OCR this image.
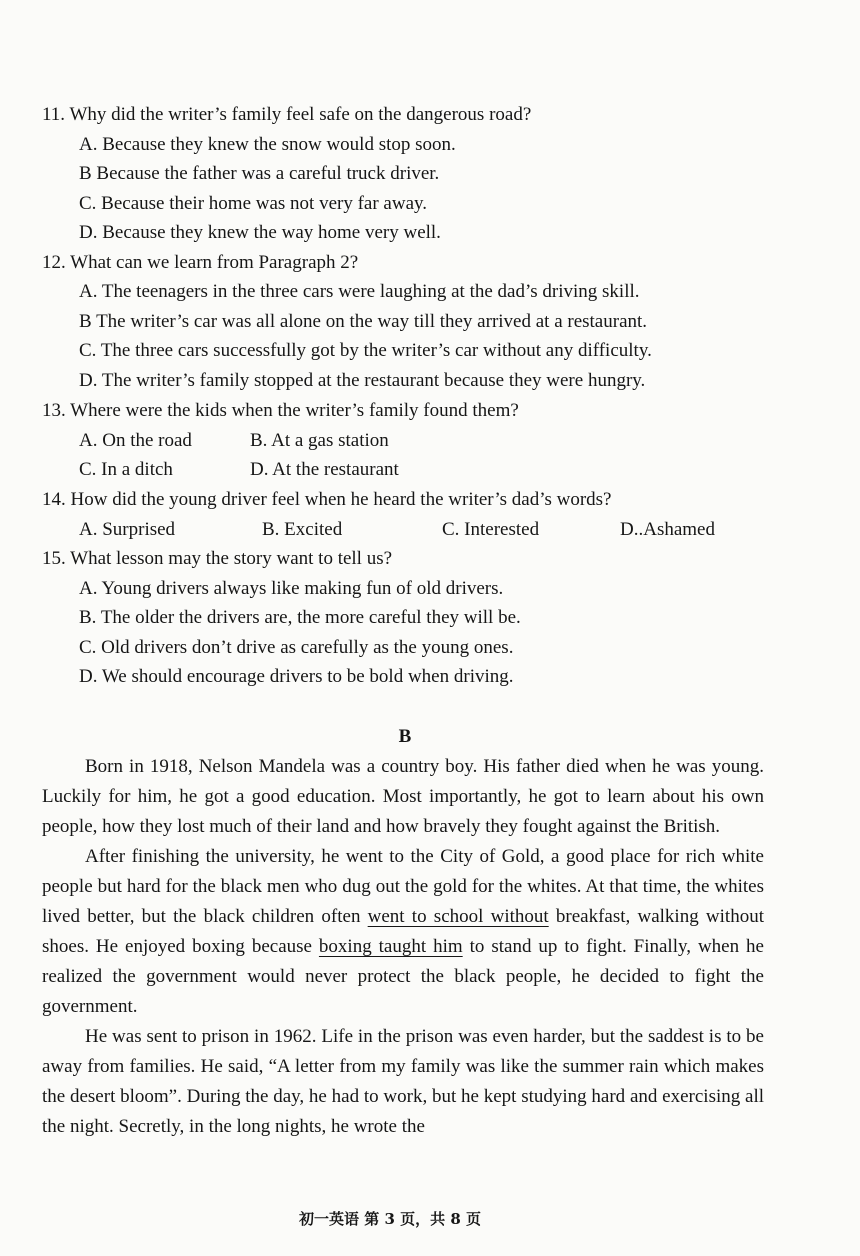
11. Why did the writer’s family feel safe on the dangerous road?
A. Because they knew the snow would stop soon.
B Because the father was a careful truck driver.
C. Because their home was not very far away.
D. Because they knew the way home very well.
12. What can we learn from Paragraph 2?
A. The teenagers in the three cars were laughing at the dad’s driving skill.
B The writer’s car was all alone on the way till they arrived at a restaurant.
C. The three cars successfully got by the writer’s car without any difficulty.
D. The writer’s family stopped at the restaurant because they were hungry.
13. Where were the kids when the writer’s family found them?
A. On the road	B. At a gas station
C. In a ditch	D. At the restaurant
14. How did the young driver feel when he heard the writer’s dad’s words?
A. Surprised	B. Excited	C. Interested	D..Ashamed
15. What lesson may the story want to tell us?
A. Young drivers always like making fun of old drivers.
B. The older the drivers are, the more careful they will be.
C. Old drivers don’t drive as carefully as the young ones.
D. We should encourage drivers to be bold when driving.
B

Born in 1918, Nelson Mandela was a country boy. His father died when he was young. Luckily for him, he got a good education. Most importantly, he got to learn about his own people, how they lost much of their land and how bravely they fought against the British.

After finishing the university, he went to the City of Gold, a good place for rich white people but hard for the black men who dug out the gold for the whites. At that time, the whites lived better, but the black children often went to school without breakfast, walking without shoes. He enjoyed boxing because boxing taught him to stand up to fight. Finally, when he realized the government would never protect the black people, he decided to fight the government.

He was sent to prison in 1962. Life in the prison was even harder, but the saddest is to be away from families. He said, “A letter from my family was like the summer rain which makes the desert bloom”. During the day, he had to work, but he kept studying hard and exercising all the night. Secretly, in the long nights, he wrote the

初一英语 第 3 页，共 8 页
